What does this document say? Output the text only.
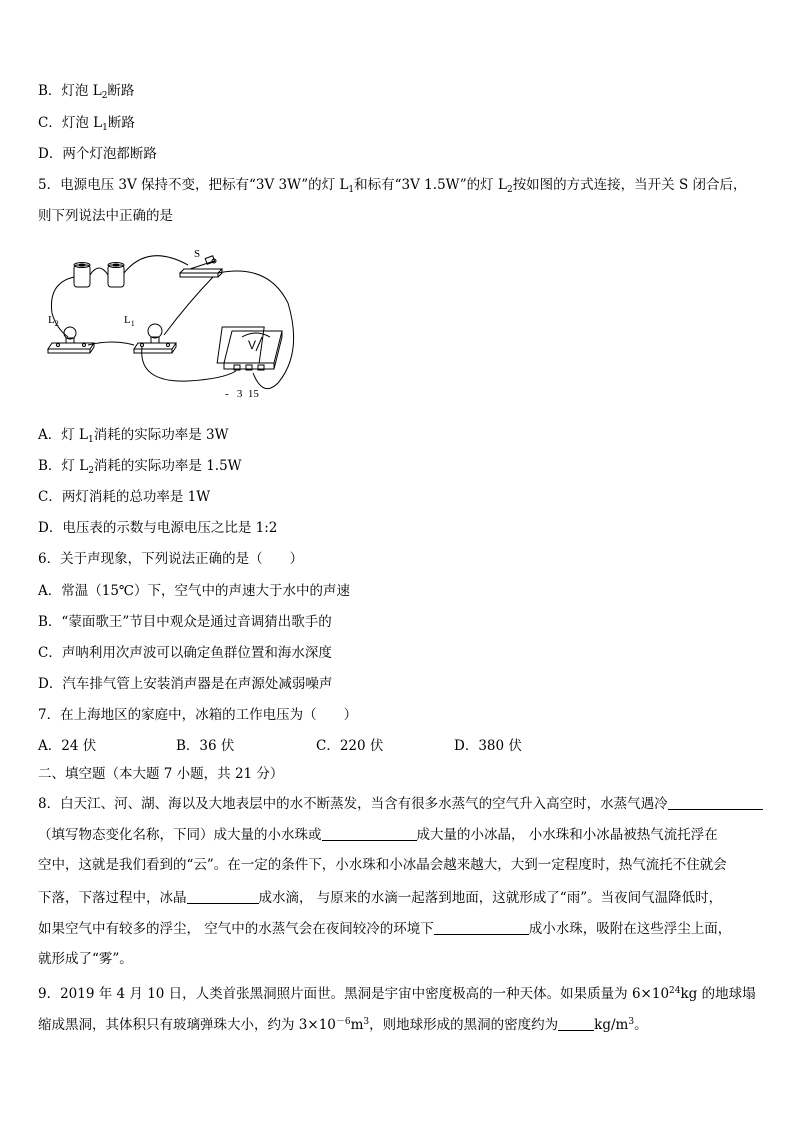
B．灯泡 $L_2$断路
C．灯泡 $L_1$断路
D．两个灯泡都断路
5．电源电压 3V 保持不变，把标有“3V 3W”的灯 $L_1$和标有“3V 1.5W”的灯 $L_2$按如图的方式连接，当开关 S 闭合后，
则下列说法中正确的是
S
$L_2$	$L_1$
V
-   3  15
A．灯 $L_1$消耗的实际功率是 3W
B．灯 $L_2$消耗的实际功率是 1.5W
C．两灯消耗的总功率是 1W
D．电压表的示数与电源电压之比是 1:2
6．关于声现象，下列说法正确的是（　　）
A．常温（15℃）下，空气中的声速大于水中的声速
B．“蒙面歌王”节目中观众是通过音调猜出歌手的
C．声呐利用次声波可以确定鱼群位置和海水深度
D．汽车排气管上安装消声器是在声源处减弱噪声
7．在上海地区的家庭中，冰箱的工作电压为（　　）
A．24 伏	B．36 伏	C．220 伏	D．380 伏
二、填空题（本大题 7 小题，共 21 分）
8．白天江、河、湖、海以及大地表层中的水不断蒸发，当含有很多水蒸气的空气升入高空时，水蒸气遇冷
（填写物态变化名称，下同）成大量的小水珠或	成大量的小冰晶， 小水珠和小冰晶被热气流托浮在
空中，这就是我们看到的“云”。在一定的条件下，小水珠和小冰晶会越来越大，大到一定程度时，热气流托不住就会
下落，下落过程中，冰晶	成水滴， 与原来的水滴一起落到地面，这就形成了“雨”。当夜间气温降低时，
如果空气中有较多的浮尘， 空气中的水蒸气会在夜间较冷的环境下	成小水珠，吸附在这些浮尘上面，
就形成了“雾”。
9．2019 年 4 月 10 日，人类首张黑洞照片面世。黑洞是宇宙中密度极高的一种天体。如果质量为 $6\times 10^{24}kg$ 的地球塌
缩成黑洞，其体积只有玻璃弹珠大小，约为 $3\times 10^{-6}m^3$，则地球形成的黑洞的密度约为	$kg/m^3$。
